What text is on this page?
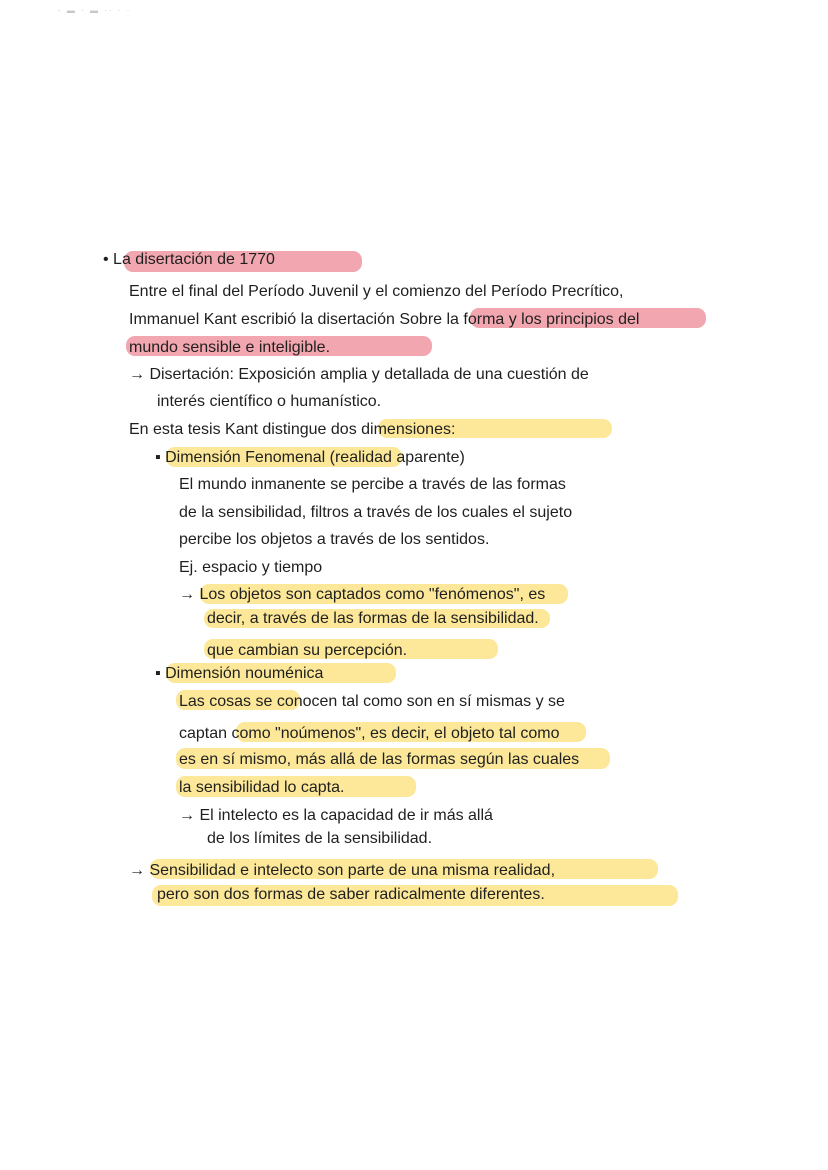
- ▬ · ▬ ·· · ·
• La disertación de 1770
Entre el final del Período Juvenil y el comienzo del Período Precrítico,
Immanuel Kant escribió la disertación Sobre la forma y los principios del
mundo sensible e inteligible.
→ Disertación: Exposición amplia y detallada de una cuestión de
interés científico o humanístico.
En esta tesis Kant distingue dos dimensiones:
▪ Dimensión Fenomenal (realidad aparente)
El mundo inmanente se percibe a través de las formas
de la sensibilidad, filtros a través de los cuales el sujeto
percibe los objetos a través de los sentidos.
Ej. espacio y tiempo
→ Los objetos son captados como "fenómenos", es
decir, a través de las formas de la sensibilidad.
que cambian su percepción.
▪ Dimensión nouménica
Las cosas se conocen tal como son en sí mismas y se
captan como "noúmenos", es decir, el objeto tal como
es en sí mismo, más allá de las formas según las cuales
la sensibilidad lo capta.
→ El intelecto es la capacidad de ir más allá
de los límites de la sensibilidad.
→ Sensibilidad e intelecto son parte de una misma realidad,
pero son dos formas de saber radicalmente diferentes.
